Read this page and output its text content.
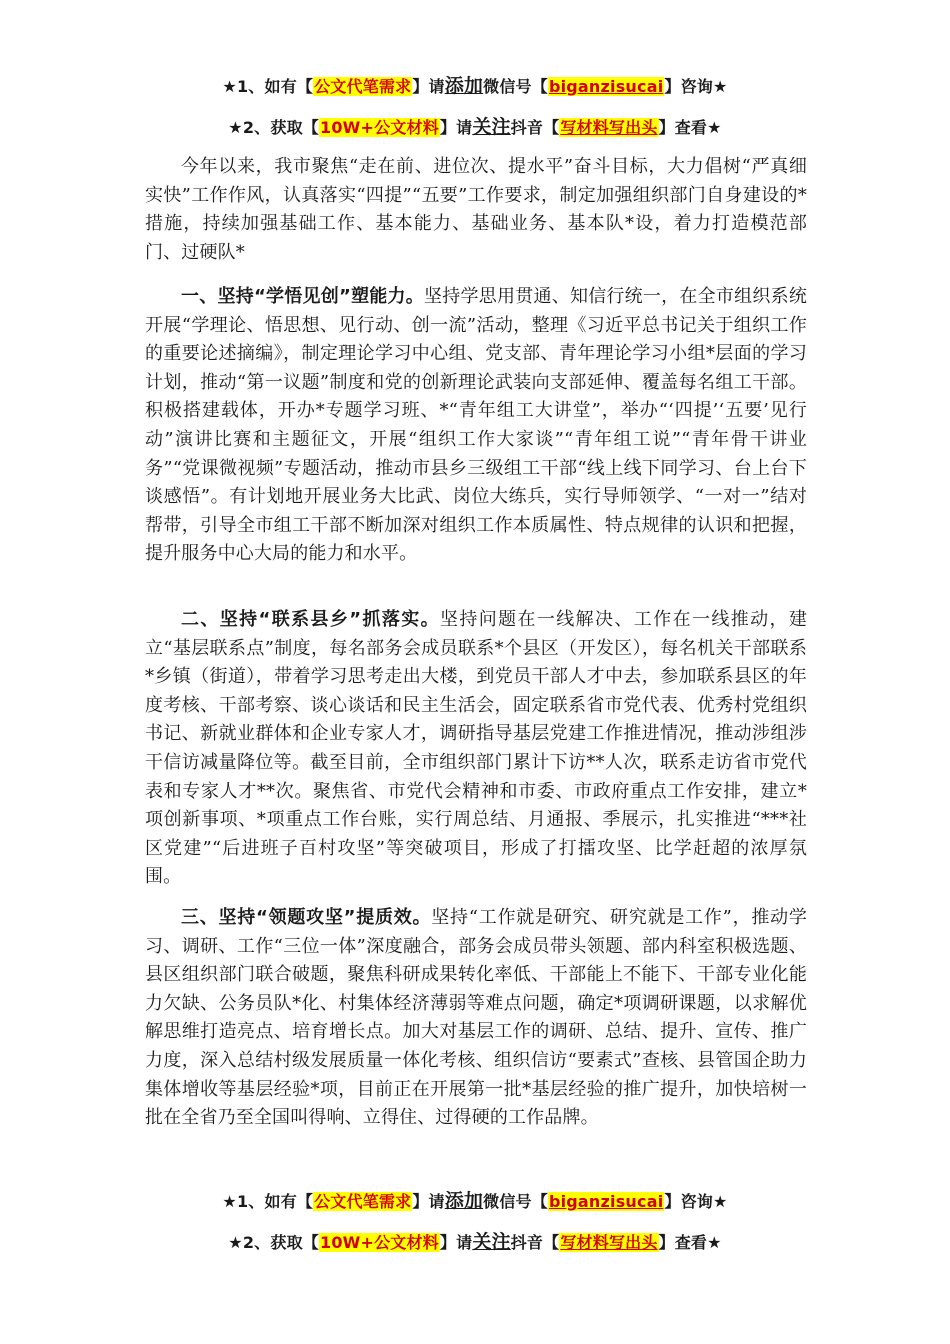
★1、如有【公文代笔需求】请添加微信号【biganzisucai】咨询★
★2、获取【10W+公文材料】请关注抖音【写材料写出头】查看★

今年以来，我市聚焦“走在前、进位次、提水平”奋斗目标，大力倡树“严真细实快”工作作风，认真落实“四提”“五要”工作要求，制定加强组织部门自身建设的*措施，持续加强基础工作、基本能力、基础业务、基本队*设，着力打造模范部门、过硬队*

一、坚持“学悟见创”塑能力。坚持学思用贯通、知信行统一，在全市组织系统开展“学理论、悟思想、见行动、创一流”活动，整理《习近平总书记关于组织工作的重要论述摘编》，制定理论学习中心组、党支部、青年理论学习小组*层面的学习计划，推动“第一议题”制度和党的创新理论武装向支部延伸、覆盖每名组工干部。积极搭建载体，开办*专题学习班、*“青年组工大讲堂”，举办“‘四提’‘五要’见行动”演讲比赛和主题征文，开展“组织工作大家谈”“青年组工说”“青年骨干讲业务”“党课微视频”专题活动，推动市县乡三级组工干部“线上线下同学习、台上台下谈感悟”。有计划地开展业务大比武、岗位大练兵，实行导师领学、“一对一”结对帮带，引导全市组工干部不断加深对组织工作本质属性、特点规律的认识和把握，提升服务中心大局的能力和水平。

二、坚持“联系县乡”抓落实。坚持问题在一线解决、工作在一线推动，建立“基层联系点”制度，每名部务会成员联系*个县区（开发区），每名机关干部联系*乡镇（街道），带着学习思考走出大楼，到党员干部人才中去，参加联系县区的年度考核、干部考察、谈心谈话和民主生活会，固定联系省市党代表、优秀村党组织书记、新就业群体和企业专家人才，调研指导基层党建工作推进情况，推动涉组涉干信访减量降位等。截至目前，全市组织部门累计下访**人次，联系走访省市党代表和专家人才**次。聚焦省、市党代会精神和市委、市政府重点工作安排，建立*项创新事项、*项重点工作台账，实行周总结、月通报、季展示，扎实推进“***社区党建”“后进班子百村攻坚”等突破项目，形成了打擂攻坚、比学赶超的浓厚氛围。

三、坚持“领题攻坚”提质效。坚持“工作就是研究、研究就是工作”，推动学习、调研、工作“三位一体”深度融合，部务会成员带头领题、部内科室积极选题、县区组织部门联合破题，聚焦科研成果转化率低、干部能上不能下、干部专业化能力欠缺、公务员队*化、村集体经济薄弱等难点问题，确定*项调研课题，以求解优解思维打造亮点、培育增长点。加大对基层工作的调研、总结、提升、宣传、推广力度，深入总结村级发展质量一体化考核、组织信访“要素式”查核、县管国企助力集体增收等基层经验*项，目前正在开展第一批*基层经验的推广提升，加快培树一批在全省乃至全国叫得响、立得住、过得硬的工作品牌。

★1、如有【公文代笔需求】请添加微信号【biganzisucai】咨询★
★2、获取【10W+公文材料】请关注抖音【写材料写出头】查看★
